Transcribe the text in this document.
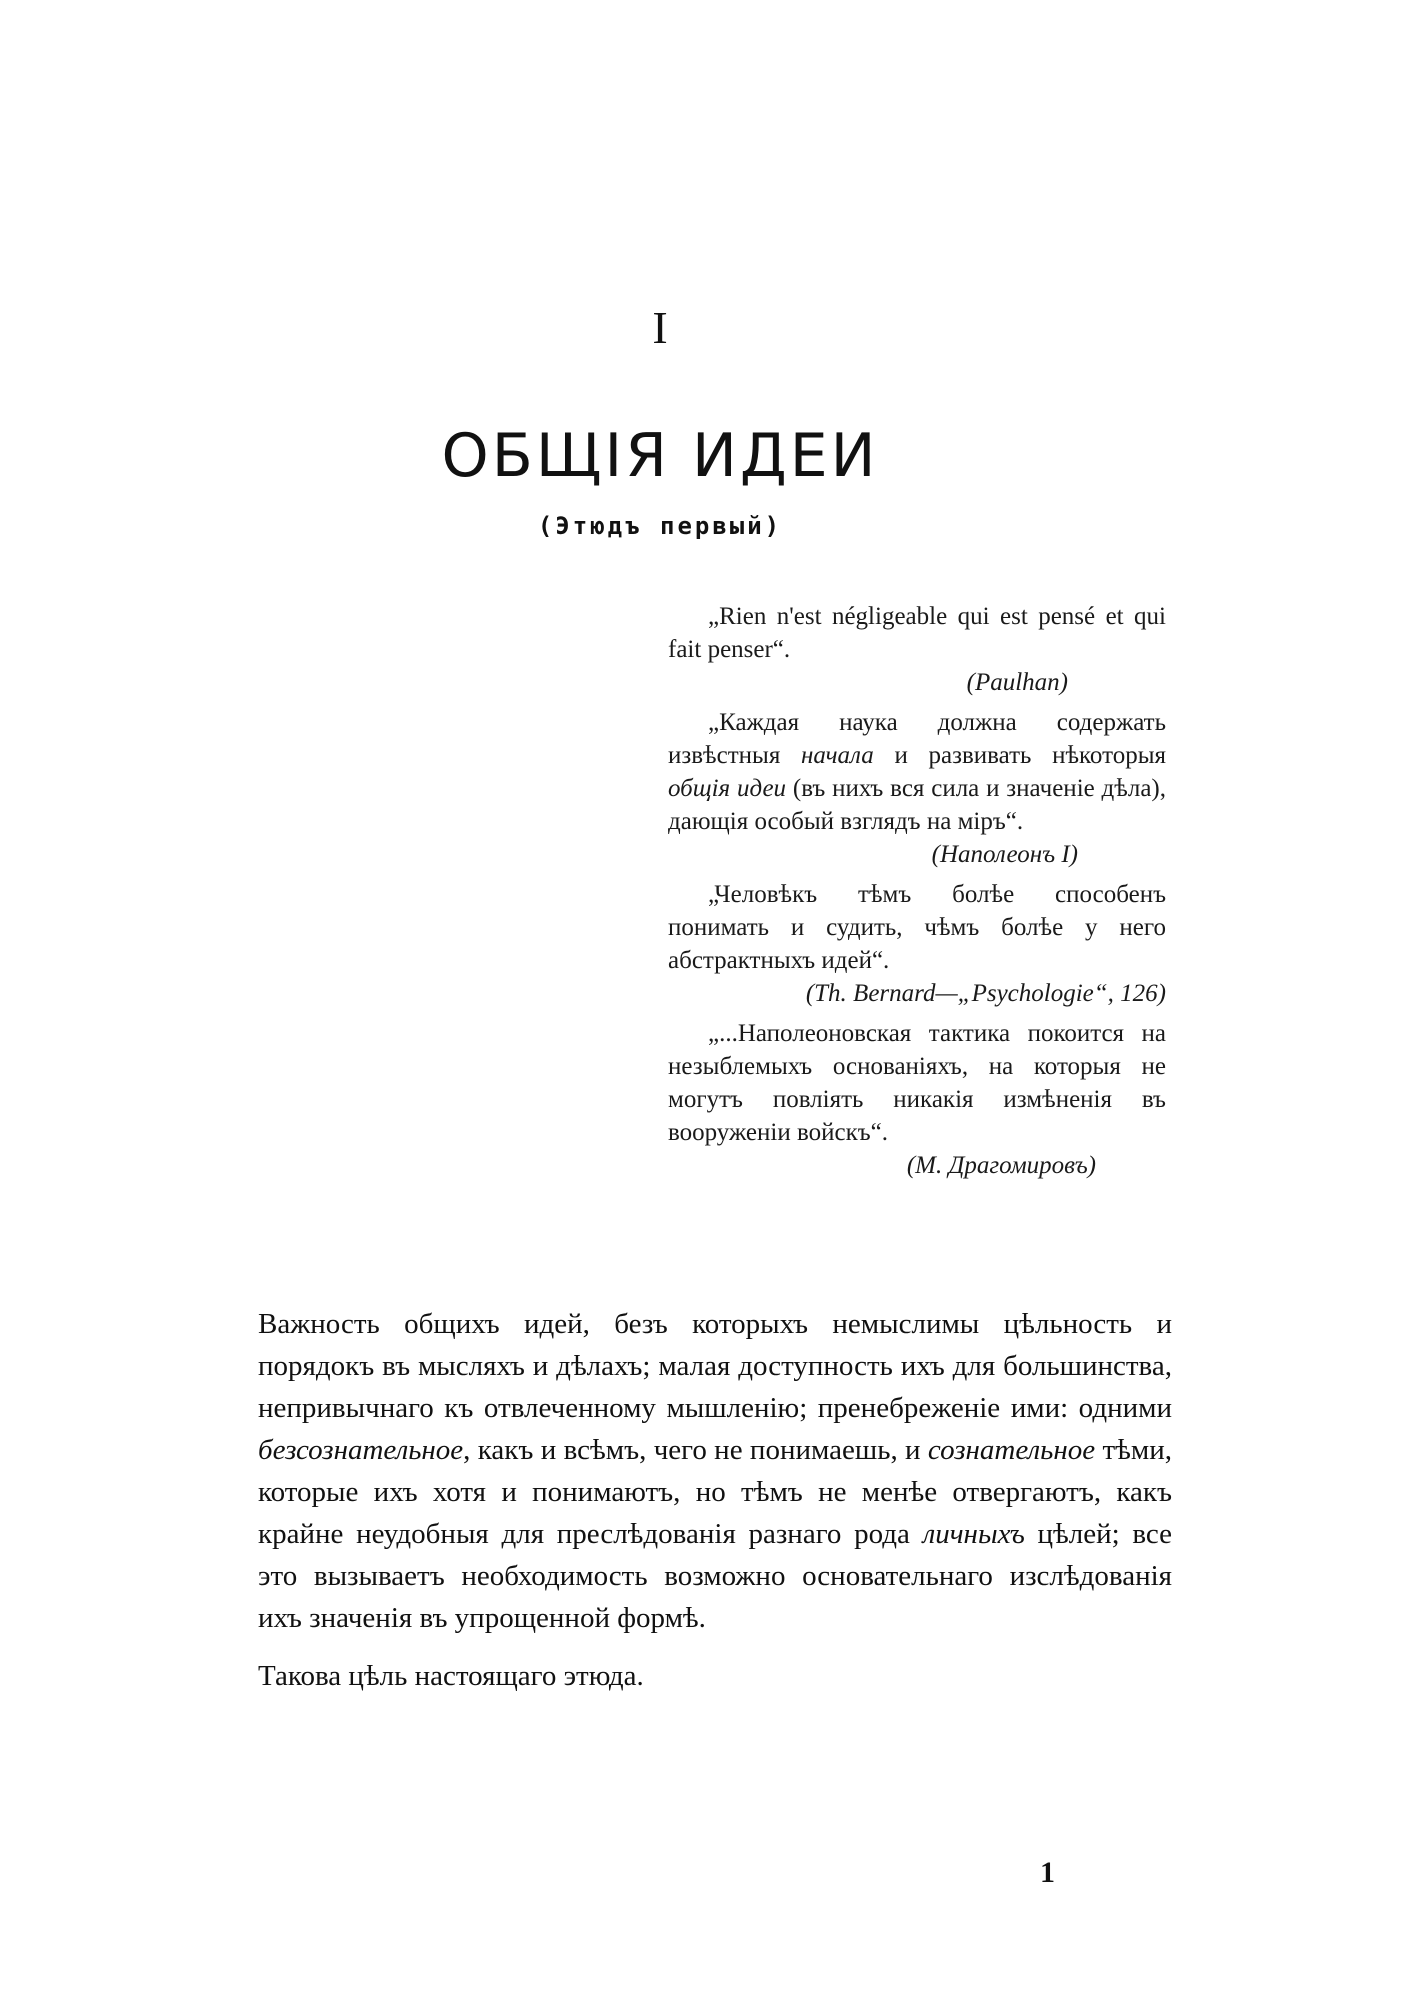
I
ОБЩІЯ ИДЕИ
(Этюдъ первый)

„Rien n'est négligeable qui est pensé et qui fait penser“.

(Paulhan)

„Каждая наука должна содержать извѣстныя начала и развивать нѣкоторыя общія идеи (въ нихъ вся сила и значеніе дѣла), дающія особый взглядъ на міръ“.

(Наполеонъ I)

„Человѣкъ тѣмъ болѣе способенъ понимать и судить, чѣмъ болѣе у него абстрактныхъ идей“.

(Th. Bernard—„Psychologie“, 126)

„...Наполеоновская тактика покоится на незыблемыхъ основаніяхъ, на которыя не могутъ повліять никакія измѣненія въ вооруженіи войскъ“.

(М. Драгомировъ)

Важность общихъ идей, безъ которыхъ немыслимы цѣльность и порядокъ въ мысляхъ и дѣлахъ; малая доступность ихъ для большинства, непривычнаго къ отвлеченному мышленію; пренебреженіе ими: одними безсознательное, какъ и всѣмъ, чего не понимаешь, и сознательное тѣми, которые ихъ хотя и понимаютъ, но тѣмъ не менѣе отвергаютъ, какъ крайне неудобныя для преслѣдованія разнаго рода личныхъ цѣлей; все это вызываетъ необходимость возможно основательнаго изслѣдованія ихъ значенія въ упрощенной формѣ.

Такова цѣль настоящаго этюда.

1
